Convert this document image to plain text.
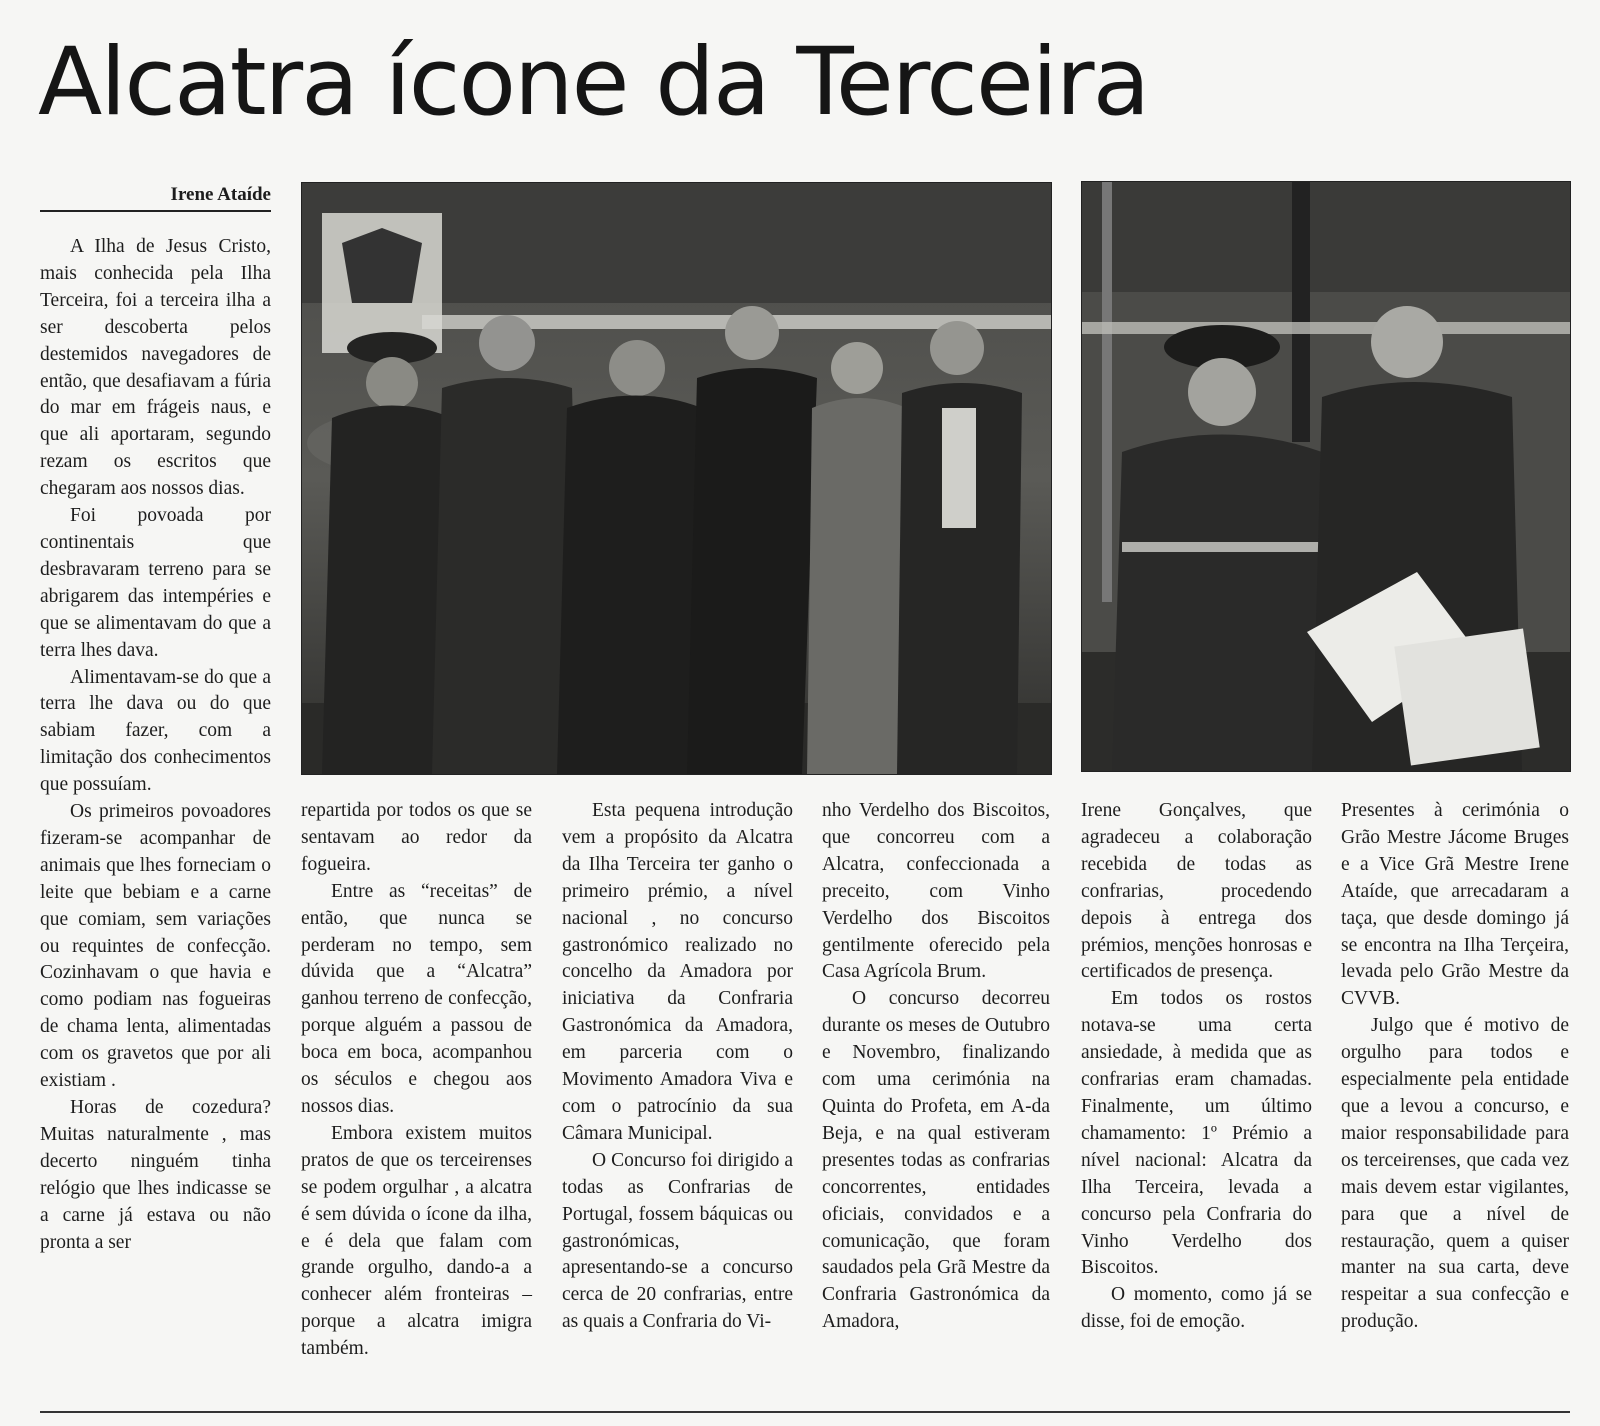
Alcatra ícone da Terceira
Irene Ataíde

A Ilha de Jesus Cristo, mais conhecida pela Ilha Terceira, foi a terceira ilha a ser descoberta pelos destemidos navegadores de então, que desafiavam a fúria do mar em frágeis naus, e que ali aportaram, segundo rezam os escritos que chegaram aos nossos dias.

Foi povoada por continentais que desbravaram terreno para se abrigarem das intempéries e que se alimentavam do que a terra lhes dava.

Alimentavam-se do que a terra lhe dava ou do que sabiam fazer, com a limitação dos conhecimentos que possuíam.

Os primeiros povoadores fizeram-se acompanhar de animais que lhes forneciam o leite que bebiam e a carne que comiam, sem variações ou requintes de confecção. Cozinhavam o que havia e como podiam nas fogueiras de chama lenta, alimentadas com os gravetos que por ali existiam .

Horas de cozedura? Muitas naturalmente , mas decerto ninguém tinha relógio que lhes indicasse se a carne já estava ou não pronta a ser

repartida por todos os que se sentavam ao redor da fogueira.

Entre as “receitas” de então, que nunca se perderam no tempo, sem dúvida que a “Alcatra” ganhou terreno de confecção, porque alguém a passou de boca em boca, acompanhou os séculos e chegou aos nossos dias.

Embora existem muitos pratos de que os terceirenses se podem orgulhar , a alcatra é sem dúvida o ícone da ilha, e é dela que falam com grande orgulho, dando-a a conhecer além fronteiras – porque a alcatra imigra também.

Esta pequena introdução vem a propósito da Alcatra da Ilha Terceira ter ganho o primeiro prémio, a nível nacional , no concurso gastronómico realizado no concelho da Amadora por iniciativa da Confraria Gastronómica da Amadora, em parceria com o Movimento Amadora Viva e com o patrocínio da sua Câmara Municipal.

O Concurso foi dirigido a todas as Confrarias de Portugal, fossem báquicas ou gastronómicas, apresentando-se a concurso cerca de 20 confrarias, entre as quais a Confraria do Vi-

nho Verdelho dos Biscoitos, que concorreu com a Alcatra, confeccionada a preceito, com Vinho Verdelho dos Biscoitos gentilmente oferecido pela Casa Agrícola Brum.

O concurso decorreu durante os meses de Outubro e Novembro, finalizando com uma cerimónia na Quinta do Profeta, em A-da Beja, e na qual estiveram presentes todas as confrarias concorrentes, entidades oficiais, convidados e a comunicação, que foram saudados pela Grã Mestre da Confraria Gastronómica da Amadora,

Irene Gonçalves, que agradeceu a colaboração recebida de todas as confrarias, procedendo depois à entrega dos prémios, menções honrosas e certificados de presença.

Em todos os rostos notava-se uma certa ansiedade, à medida que as confrarias eram chamadas. Finalmente, um último chamamento: 1º Prémio a nível nacional: Alcatra da Ilha Terceira, levada a concurso pela Confraria do Vinho Verdelho dos Biscoitos.

O momento, como já se disse, foi de emoção.

Presentes à cerimónia o Grão Mestre Jácome Bruges e a Vice Grã Mestre Irene Ataíde, que arrecadaram a taça, que desde domingo já se encontra na Ilha Terçeira, levada pelo Grão Mestre da CVVB.

Julgo que é motivo de orgulho para todos e especialmente pela entidade que a levou a concurso, e maior responsabilidade para os terceirenses, que cada vez mais devem estar vigilantes, para que a nível de restauração, quem a quiser manter na sua carta, deve respeitar a sua confecção e produção.
